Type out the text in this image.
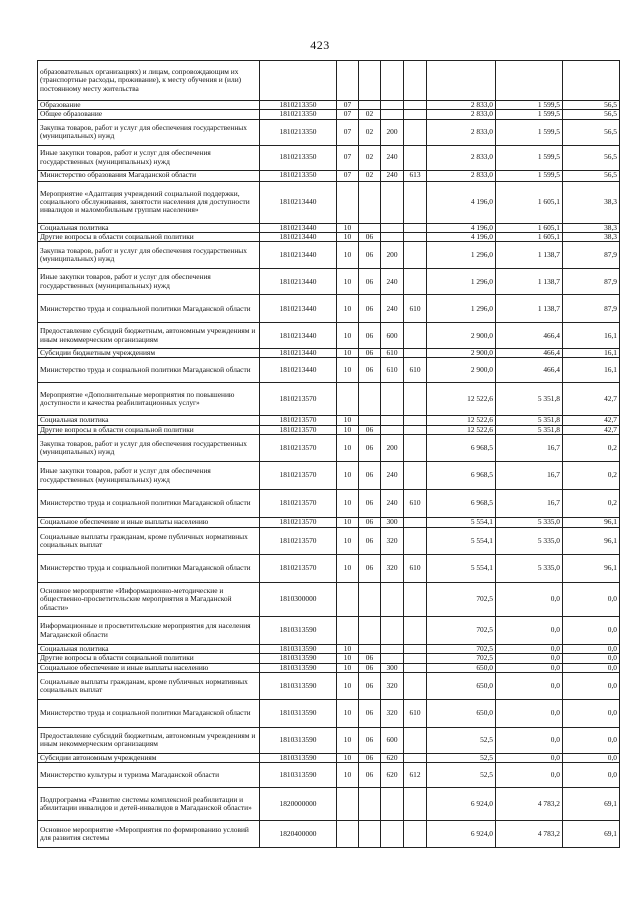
423
образовательных организациях) и лицам, сопровождающим их (транспортные расходы, проживание), к месту обучения и (или) постоянному месту жительства								
Образование	1810213350	07				2 833,0	1 599,5	56,5
Общее образование	1810213350	07	02			2 833,0	1 599,5	56,5
Закупка товаров, работ и услуг для обеспечения государственных (муниципальных) нужд	1810213350	07	02	200		2 833,0	1 599,5	56,5
Иные закупки товаров, работ и услуг для обеспечения государственных (муниципальных) нужд	1810213350	07	02	240		2 833,0	1 599,5	56,5
Министерство образования Магаданской области	1810213350	07	02	240	613	2 833,0	1 599,5	56,5
Мероприятие «Адаптация учреждений социальной поддержки, социального обслуживания, занятости населения для доступности инвалидов и маломобильным группам населения»	1810213440					4 196,0	1 605,1	38,3
Социальная политика	1810213440	10				4 196,0	1 605,1	38,3
Другие вопросы в области социальной политики	1810213440	10	06			4 196,0	1 605,1	38,3
Закупка товаров, работ и услуг для обеспечения государственных (муниципальных) нужд	1810213440	10	06	200		1 296,0	1 138,7	87,9
Иные закупки товаров, работ и услуг для обеспечения государственных (муниципальных) нужд	1810213440	10	06	240		1 296,0	1 138,7	87,9
Министерство труда и социальной политики Магаданской области	1810213440	10	06	240	610	1 296,0	1 138,7	87,9
Предоставление субсидий бюджетным, автономным учреждениям и иным некоммерческим организациям	1810213440	10	06	600		2 900,0	466,4	16,1
Субсидии бюджетным учреждениям	1810213440	10	06	610		2 900,0	466,4	16,1
Министерство труда и социальной политики Магаданской области	1810213440	10	06	610	610	2 900,0	466,4	16,1
Мероприятие «Дополнительные мероприятия по повышению доступности и качества реабилитационных услуг»	1810213570					12 522,6	5 351,8	42,7
Социальная политика	1810213570	10				12 522,6	5 351,8	42,7
Другие вопросы в области социальной политики	1810213570	10	06			12 522,6	5 351,8	42,7
Закупка товаров, работ и услуг для обеспечения государственных (муниципальных) нужд	1810213570	10	06	200		6 968,5	16,7	0,2
Иные закупки товаров, работ и услуг для обеспечения государственных (муниципальных) нужд	1810213570	10	06	240		6 968,5	16,7	0,2
Министерство труда и социальной политики Магаданской области	1810213570	10	06	240	610	6 968,5	16,7	0,2
Социальное обеспечение и иные выплаты населению	1810213570	10	06	300		5 554,1	5 335,0	96,1
Социальные выплаты гражданам, кроме публичных нормативных социальных выплат	1810213570	10	06	320		5 554,1	5 335,0	96,1
Министерство труда и социальной политики Магаданской области	1810213570	10	06	320	610	5 554,1	5 335,0	96,1
Основное мероприятие «Информационно-методические и общественно-просветительские мероприятия в Магаданской области»	1810300000					702,5	0,0	0,0
Информационные и просветительские мероприятия для населения Магаданской области	1810313590					702,5	0,0	0,0
Социальная политика	1810313590	10				702,5	0,0	0,0
Другие вопросы в области социальной политики	1810313590	10	06			702,5	0,0	0,0
Социальное обеспечение и иные выплаты населению	1810313590	10	06	300		650,0	0,0	0,0
Социальные выплаты гражданам, кроме публичных нормативных социальных выплат	1810313590	10	06	320		650,0	0,0	0,0
Министерство труда и социальной политики Магаданской области	1810313590	10	06	320	610	650,0	0,0	0,0
Предоставление субсидий бюджетным, автономным учреждениям и иным некоммерческим организациям	1810313590	10	06	600		52,5	0,0	0,0
Субсидии автономным учреждениям	1810313590	10	06	620		52,5	0,0	0,0
Министерство культуры и туризма Магаданской области	1810313590	10	06	620	612	52,5	0,0	0,0
Подпрограмма «Развитие системы комплексной реабилитации и абилитации инвалидов и детей-инвалидов в Магаданской области»	1820000000					6 924,0	4 783,2	69,1
Основное мероприятие «Мероприятия по формированию условий для развития системы	1820400000					6 924,0	4 783,2	69,1
